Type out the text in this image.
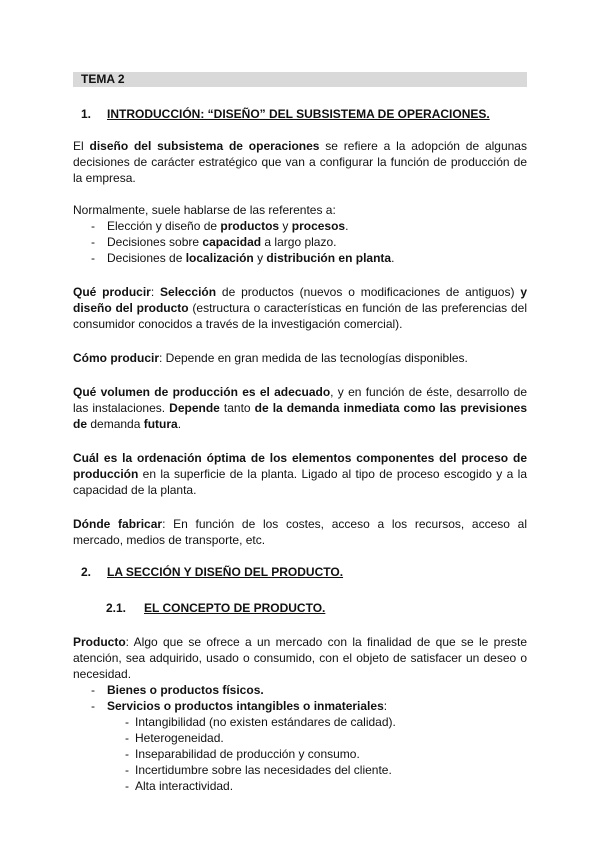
TEMA 2
1.	INTRODUCCIÓN: “DISEÑO” DEL SUBSISTEMA DE OPERACIONES.

El diseño del subsistema de operaciones se refiere a la adopción de algunas decisiones de carácter estratégico que van a configurar la función de producción de la empresa.

Normalmente, suele hablarse de las referentes a:

- Elección y diseño de productos y procesos.
- Decisiones sobre capacidad a largo plazo.
- Decisiones de localización y distribución en planta.

Qué producir: Selección de productos (nuevos o modificaciones de antiguos) y diseño del producto (estructura o características en función de las preferencias del consumidor conocidos a través de la investigación comercial).

Cómo producir: Depende en gran medida de las tecnologías disponibles.

Qué volumen de producción es el adecuado, y en función de éste, desarrollo de las instalaciones. Depende tanto de la demanda inmediata como las previsiones de demanda futura.

Cuál es la ordenación óptima de los elementos componentes del proceso de producción en la superficie de la planta. Ligado al tipo de proceso escogido y a la capacidad de la planta.

Dónde fabricar: En función de los costes, acceso a los recursos, acceso al mercado, medios de transporte, etc.

2.	LA SECCIÓN Y DISEÑO DEL PRODUCTO.
2.1.	EL CONCEPTO DE PRODUCTO.

Producto: Algo que se ofrece a un mercado con la finalidad de que se le preste atención, sea adquirido, usado o consumido, con el objeto de satisfacer un deseo o necesidad.

- Bienes o productos físicos.
- Servicios o productos intangibles o inmateriales:
- Intangibilidad (no existen estándares de calidad).
- Heterogeneidad.
- Inseparabilidad de producción y consumo.
- Incertidumbre sobre las necesidades del cliente.
- Alta interactividad.
